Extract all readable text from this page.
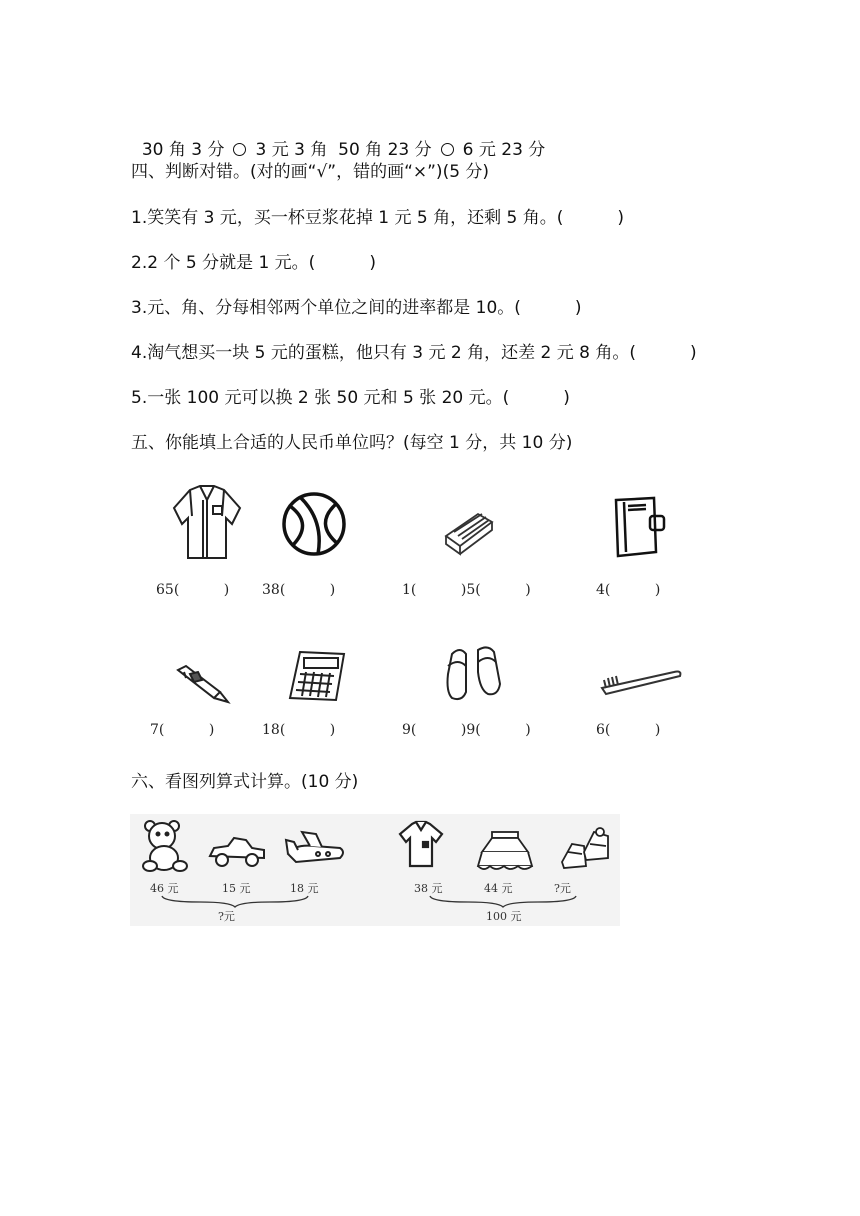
30 角 3 分 3 元 3 角 50 角 23 分 6 元 23 分

四、判断对错。(对的画“√”，错的画“×”)(5 分)
1.笑笑有 3 元，买一杯豆浆花掉 1 元 5 角，还剩 5 角。(          )
2.2 个 5 分就是 1 元。(          )
3.元、角、分每相邻两个单位之间的进率都是 10。(          )
4.淘气想买一块 5 元的蛋糕，他只有 3 元 2 角，还差 2 元 8 角。(          )
5.一张 100 元可以换 2 张 50 元和 5 张 20 元。(          )
五、你能填上合适的人民币单位吗？(每空 1 分，共 10 分)
65(          ) 38(          )	1(          )5(          )	4(          )
7(          )	18(          )	9(          )9(          )	6(          )
六、看图列算式计算。(10 分)
46 元	15 元	18 元
?元
38 元	44 元	?元
100 元
